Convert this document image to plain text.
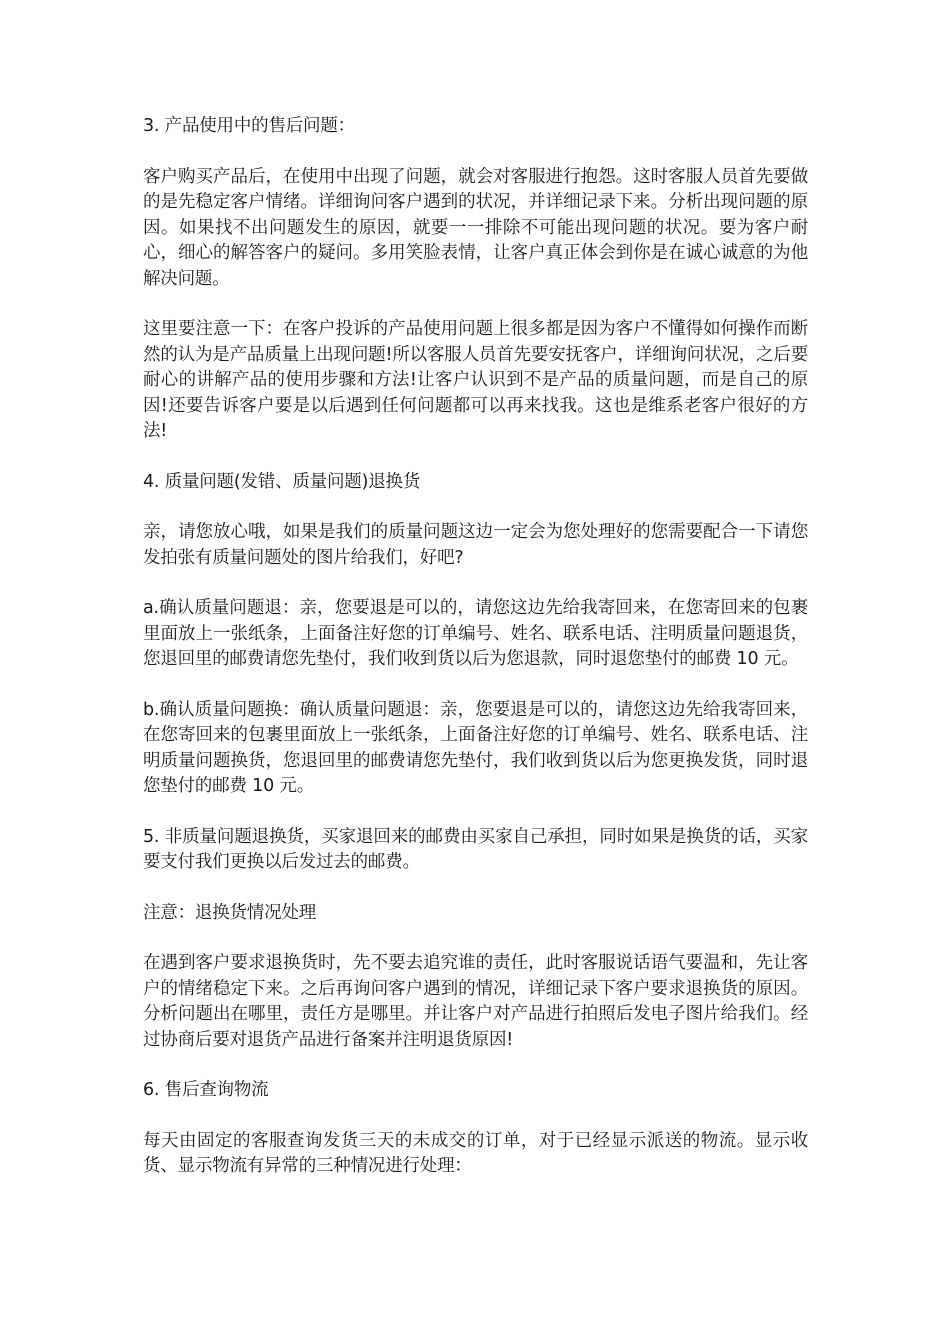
3. 产品使用中的售后问题：

客户购买产品后，在使用中出现了问题，就会对客服进行抱怨。这时客服人员首先要做的是先稳定客户情绪。详细询问客户遇到的状况，并详细记录下来。分析出现问题的原因。如果找不出问题发生的原因，就要一一排除不可能出现问题的状况。要为客户耐心，细心的解答客户的疑问。多用笑脸表情，让客户真正体会到你是在诚心诚意的为他解决问题。

这里要注意一下：在客户投诉的产品使用问题上很多都是因为客户不懂得如何操作而断然的认为是产品质量上出现问题!所以客服人员首先要安抚客户，详细询问状况，之后要耐心的讲解产品的使用步骤和方法!让客户认识到不是产品的质量问题，而是自己的原因!还要告诉客户要是以后遇到任何问题都可以再来找我。这也是维系老客户很好的方法!

4. 质量问题(发错、质量问题)退换货

亲，请您放心哦，如果是我们的质量问题这边一定会为您处理好的您需要配合一下请您发拍张有质量问题处的图片给我们，好吧?

a.确认质量问题退：亲，您要退是可以的，请您这边先给我寄回来，在您寄回来的包裹里面放上一张纸条，上面备注好您的订单编号、姓名、联系电话、注明质量问题退货，您退回里的邮费请您先垫付，我们收到货以后为您退款，同时退您垫付的邮费 10 元。

b.确认质量问题换：确认质量问题退：亲，您要退是可以的，请您这边先给我寄回来，在您寄回来的包裹里面放上一张纸条，上面备注好您的订单编号、姓名、联系电话、注明质量问题换货，您退回里的邮费请您先垫付，我们收到货以后为您更换发货，同时退您垫付的邮费 10 元。

5. 非质量问题退换货，买家退回来的邮费由买家自己承担，同时如果是换货的话，买家要支付我们更换以后发过去的邮费。

注意：退换货情况处理

在遇到客户要求退换货时，先不要去追究谁的责任，此时客服说话语气要温和，先让客户的情绪稳定下来。之后再询问客户遇到的情况，详细记录下客户要求退换货的原因。分析问题出在哪里，责任方是哪里。并让客户对产品进行拍照后发电子图片给我们。经过协商后要对退货产品进行备案并注明退货原因!

6. 售后查询物流

每天由固定的客服查询发货三天的未成交的订单，对于已经显示派送的物流。显示收货、显示物流有异常的三种情况进行处理：
